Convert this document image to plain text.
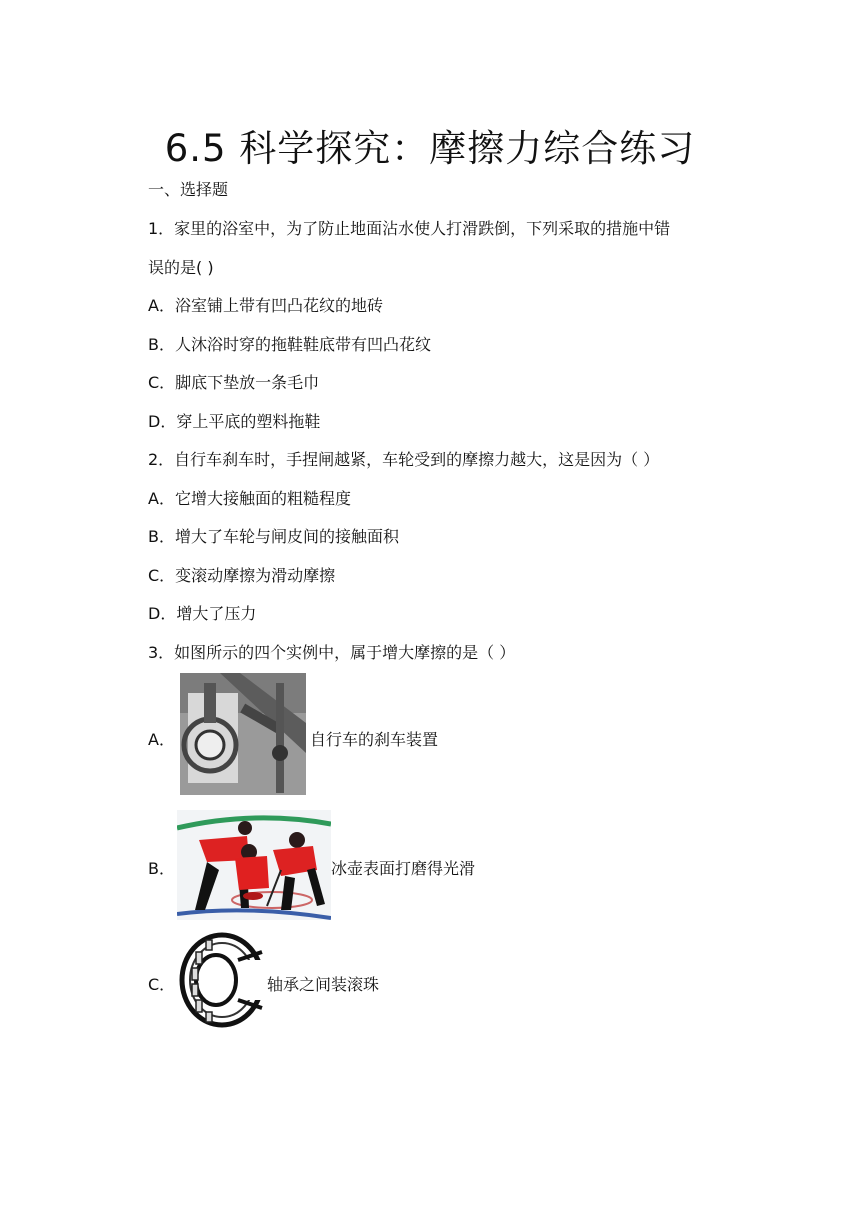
6.5 科学探究：摩擦力综合练习
一、选择题
1．家里的浴室中，为了防止地面沾水使人打滑跌倒，下列采取的措施中错
误的是( )
A．浴室铺上带有凹凸花纹的地砖
B．人沐浴时穿的拖鞋鞋底带有凹凸花纹
C．脚底下垫放一条毛巾
D．穿上平底的塑料拖鞋
2．自行车刹车时，手捏闸越紧，车轮受到的摩擦力越大，这是因为（ ）
A．它增大接触面的粗糙程度
B．增大了车轮与闸皮间的接触面积
C．变滚动摩擦为滑动摩擦
D．增大了压力
3．如图所示的四个实例中，属于增大摩擦的是（ ）
A．	自行车的刹车装置
B．	冰壶表面打磨得光滑
C．	轴承之间装滚珠
